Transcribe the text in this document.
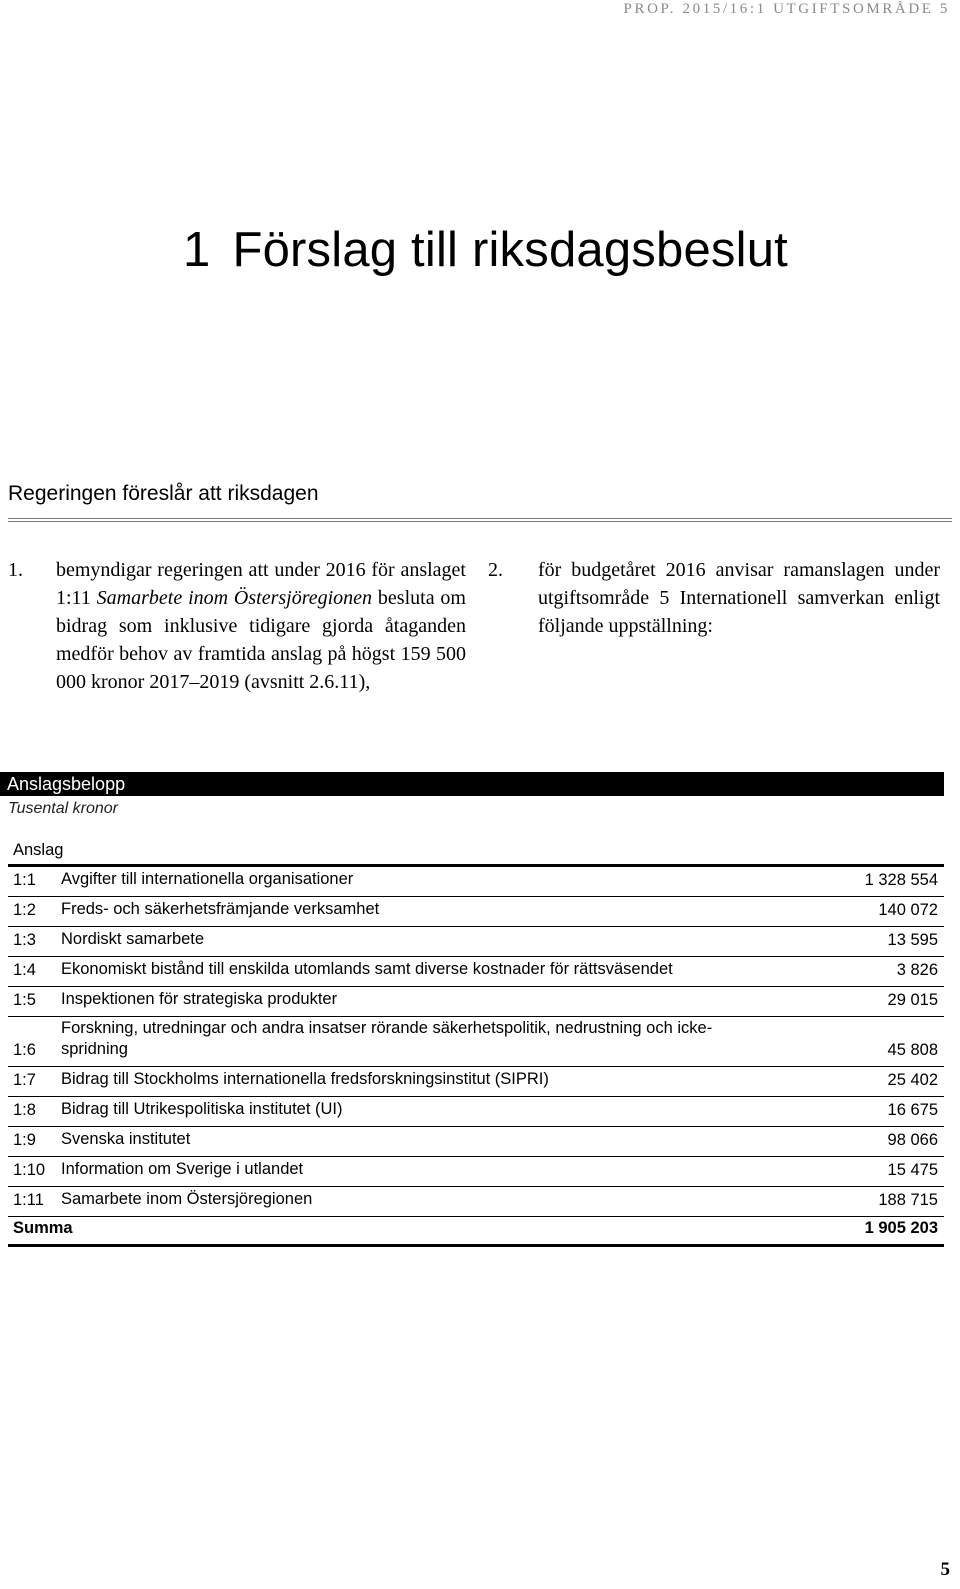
PROP. 2015/16:1 UTGIFTSOMRÅDE 5
1 Förslag till riksdagsbeslut
Regeringen föreslår att riksdagen
1. bemyndigar regeringen att under 2016 för anslaget 1:11 Samarbete inom Östersjöregionen besluta om bidrag som inklusive tidigare gjorda åtaganden medför behov av framtida anslag på högst 159 500 000 kronor 2017–2019 (avsnitt 2.6.11),
2. för budgetåret 2016 anvisar ramanslagen under utgiftsområde 5 Internationell samverkan enligt följande uppställning:
Anslagsbelopp
Tusental kronor
Anslag
1:1 Avgifter till internationella organisationer	1 328 554
1:2 Freds- och säkerhetsfrämjande verksamhet	140 072
1:3 Nordiskt samarbete	13 595
1:4 Ekonomiskt bistånd till enskilda utomlands samt diverse kostnader för rättsväsendet	3 826
1:5 Inspektionen för strategiska produkter	29 015
1:6
Forskning, utredningar och andra insatser rörande säkerhetspolitik, nedrustning och icke-spridning	45 808
1:7 Bidrag till Stockholms internationella fredsforskningsinstitut (SIPRI)	25 402
1:8 Bidrag till Utrikespolitiska institutet (UI)	16 675
1:9 Svenska institutet	98 066
1:10 Information om Sverige i utlandet	15 475
1:11 Samarbete inom Östersjöregionen	188 715
Summa	1 905 203
5
